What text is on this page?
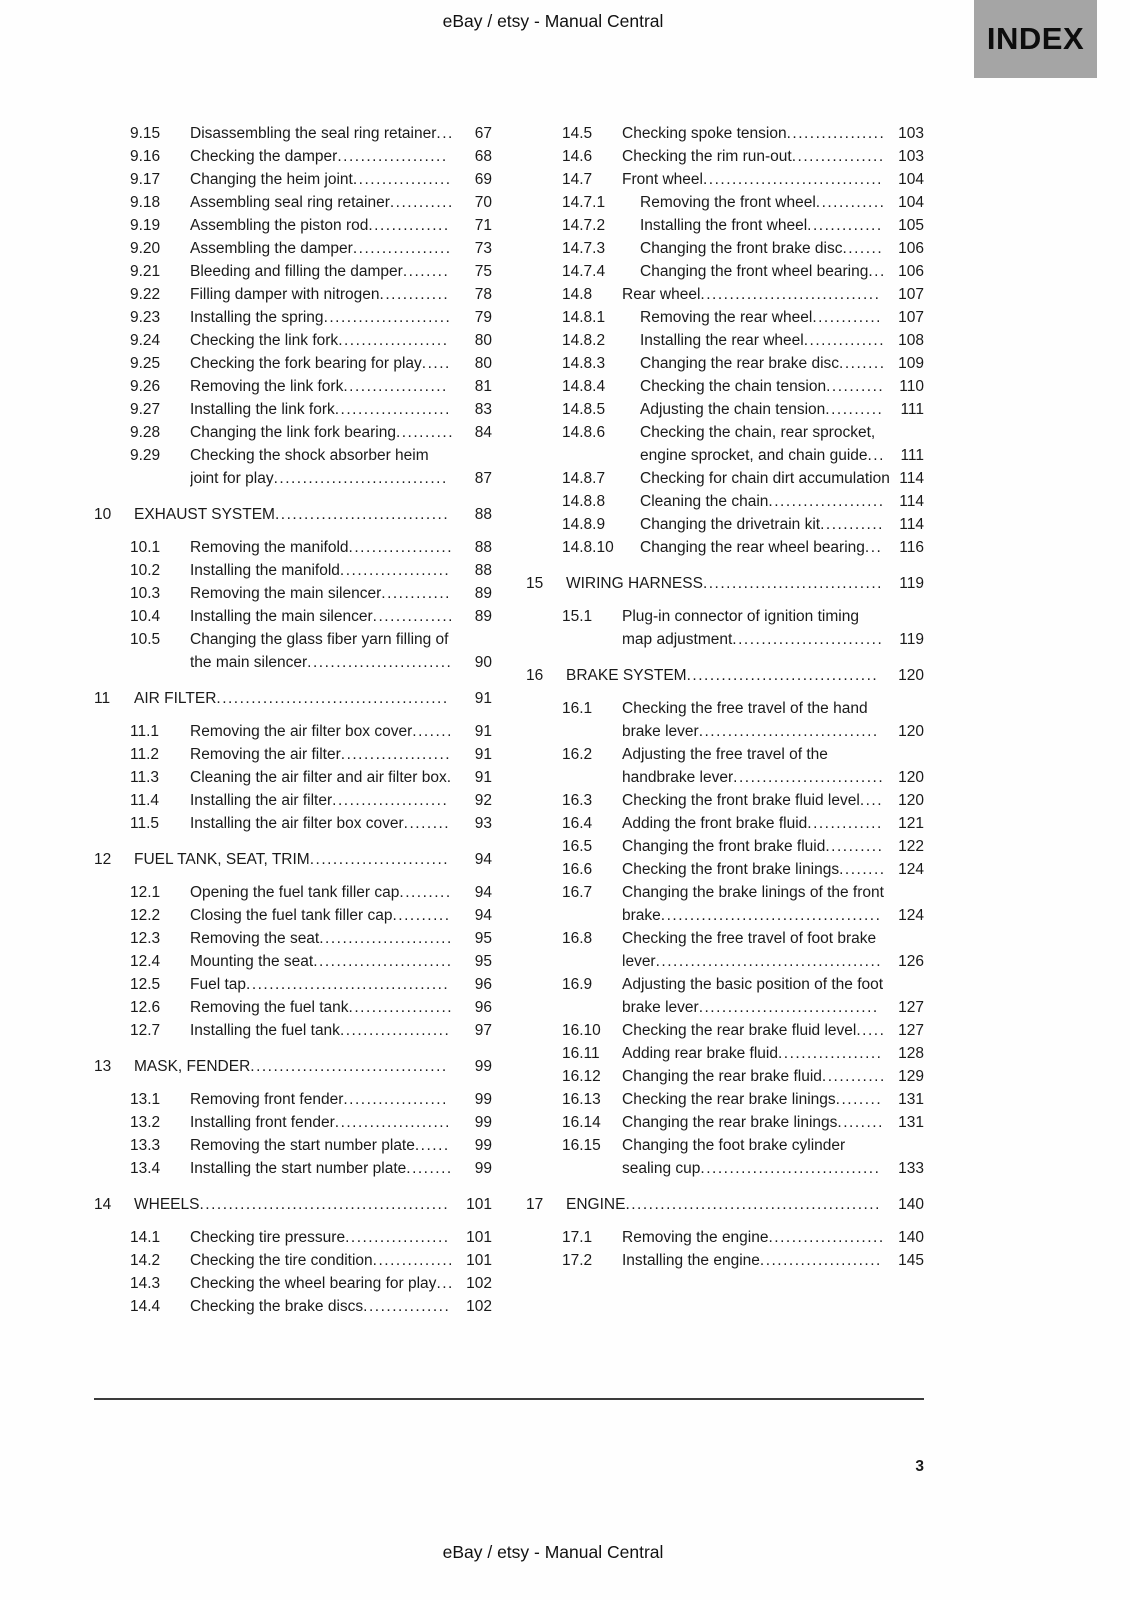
eBay / etsy - Manual Central	INDEX
9.15	Disassembling the seal ring retainer...	67
9.16	Checking the damper...................	68
9.17	Changing the heim joint.................	69
9.18	Assembling seal ring retainer...........	70
9.19	Assembling the piston rod..............	71
9.20	Assembling the damper.................	73
9.21	Bleeding and filling the damper........	75
9.22	Filling damper with nitrogen............	78
9.23	Installing the spring......................	79
9.24	Checking the link fork...................	80
9.25	Checking the fork bearing for play.....	80
9.26	Removing the link fork..................	81
9.27	Installing the link fork....................	83
9.28	Changing the link fork bearing..........	84
9.29	Checking the shock absorber heim joint for play..............................	87
10	EXHAUST SYSTEM..............................	88
10.1	Removing the manifold..................	88
10.2	Installing the manifold...................	88
10.3	Removing the main silencer............	89
10.4	Installing the main silencer..............	89
10.5	Changing the glass fiber yarn filling of the main silencer.........................	90
11	AIR FILTER........................................	91
11.1	Removing the air filter box cover.......	91
11.2	Removing the air filter...................	91
11.3	Cleaning the air filter and air filter box.	91
11.4	Installing the air filter....................	92
11.5	Installing the air filter box cover........	93
12	FUEL TANK, SEAT, TRIM........................	94
12.1	Opening the fuel tank filler cap.........	94
12.2	Closing the fuel tank filler cap..........	94
12.3	Removing the seat.......................	95
12.4	Mounting the seat........................	95
12.5	Fuel tap...................................	96
12.6	Removing the fuel tank..................	96
12.7	Installing the fuel tank...................	97
13	MASK, FENDER..................................	99
13.1	Removing front fender..................	99
13.2	Installing front fender....................	99
13.3	Removing the start number plate......	99
13.4	Installing the start number plate........	99
14	WHEELS...........................................	101
14.1	Checking tire pressure..................	101
14.2	Checking the tire condition.............. 101
14.3	Checking the wheel bearing for play... 102
14.4	Checking the brake discs...............	102
14.5	Checking spoke tension................. 103
14.6	Checking the rim run-out................ 103
14.7	Front wheel............................... 104
14.7.1	Removing the front wheel............ 104
14.7.2	Installing the front wheel............. 105
14.7.3	Changing the front brake disc....... 106
14.7.4	Changing the front wheel bearing... 106
14.8	Rear wheel...............................	107
14.8.1	Removing the rear wheel............	107
14.8.2	Installing the rear wheel.............. 108
14.8.3	Changing the rear brake disc........ 109
14.8.4	Checking the chain tension.......... 110
14.8.5	Adjusting the chain tension..........	111
14.8.6	Checking the chain, rear sprocket, engine sprocket, and chain guide...	111
14.8.7	Checking for chain dirt accumulation 114
14.8.8	Cleaning the chain.................... 114
14.8.9	Changing the drivetrain kit........... 114
14.8.10	Changing the rear wheel bearing...	116
15	WIRING HARNESS...............................	119
15.1	Plug-in connector of ignition timing map adjustment..........................	119
16	BRAKE SYSTEM.................................	120
16.1	Checking the free travel of the hand brake lever...............................	120
16.2	Adjusting the free travel of the handbrake lever.......................... 120
16.3	Checking the front brake fluid level.... 120
16.4	Adding the front brake fluid............. 121
16.5	Changing the front brake fluid.......... 122
16.6	Checking the front brake linings........ 124
16.7	Changing the brake linings of the front brake......................................	124
16.8	Checking the free travel of foot brake lever.......................................	126
16.9	Adjusting the basic position of the foot brake lever...............................	127
16.10	Checking the rear brake fluid level..... 127
16.11	Adding rear brake fluid..................	128
16.12	Changing the rear brake fluid........... 129
16.13	Checking the rear brake linings........	131
16.14	Changing the rear brake linings........ 131
16.15	Changing the foot brake cylinder sealing cup...............................	133
17	ENGINE............................................	140
17.1	Removing the engine.................... 140
17.2	Installing the engine.....................	145
3
eBay / etsy - Manual Central
